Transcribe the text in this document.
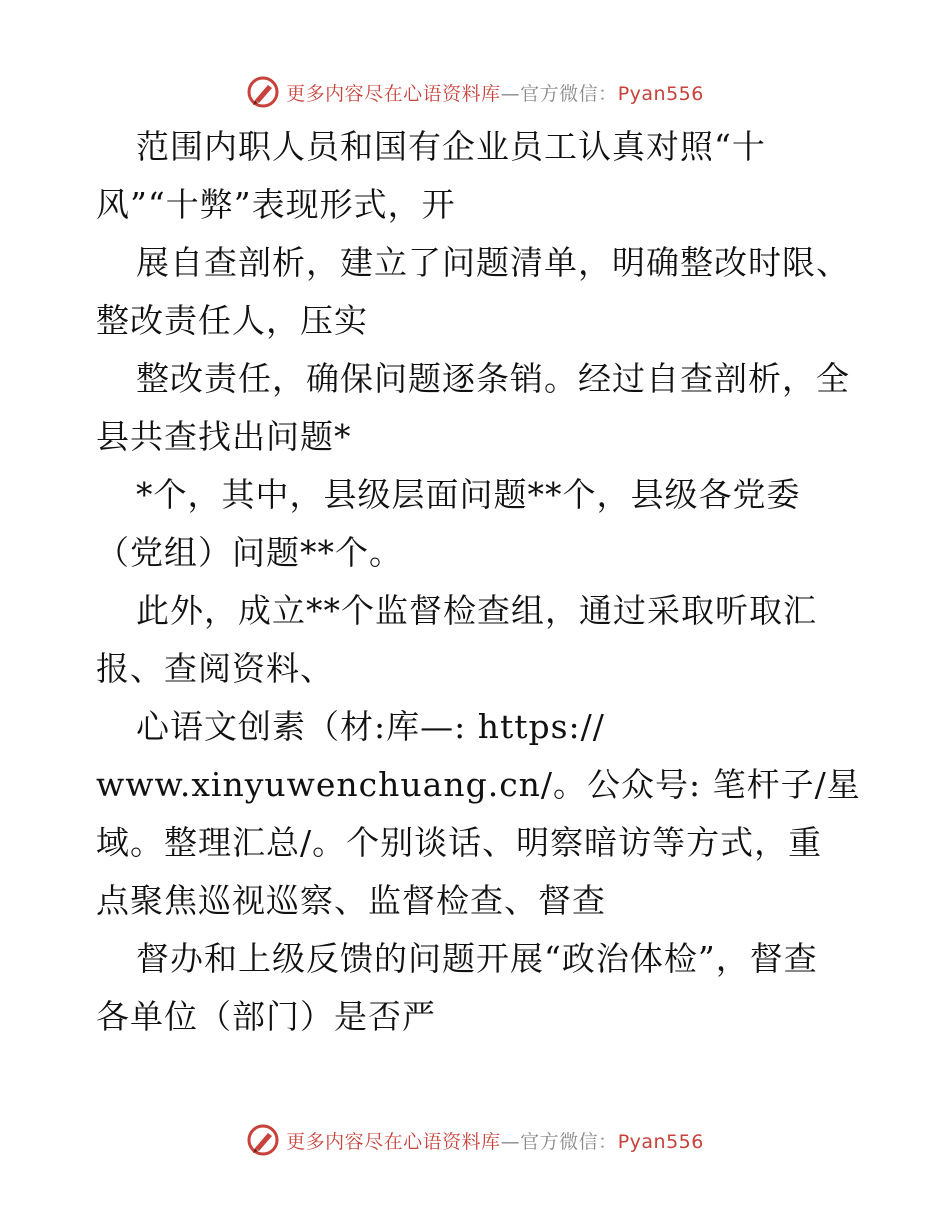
更多内容尽在心语资料库—官方微信：Pyan556
范围内职人员和国有企业员工认真对照“十
风”“十弊”表现形式，开
展自查剖析，建立了问题清单，明确整改时限、
整改责任人，压实
整改责任，确保问题逐条销。经过自查剖析，全
县共查找出问题*
*个，其中，县级层面问题**个，县级各党委
（党组）问题**个。
此外，成立**个监督检查组，通过采取听取汇
报、查阅资料、
心语文创素（材:库—: https://
www.xinyuwenchuang.cn/。公众号: 笔杆子/星
域。整理汇总/。个别谈话、明察暗访等方式，重
点聚焦巡视巡察、监督检查、督查
督办和上级反馈的问题开展“政治体检”，督查
各单位（部门）是否严
更多内容尽在心语资料库—官方微信：Pyan556
